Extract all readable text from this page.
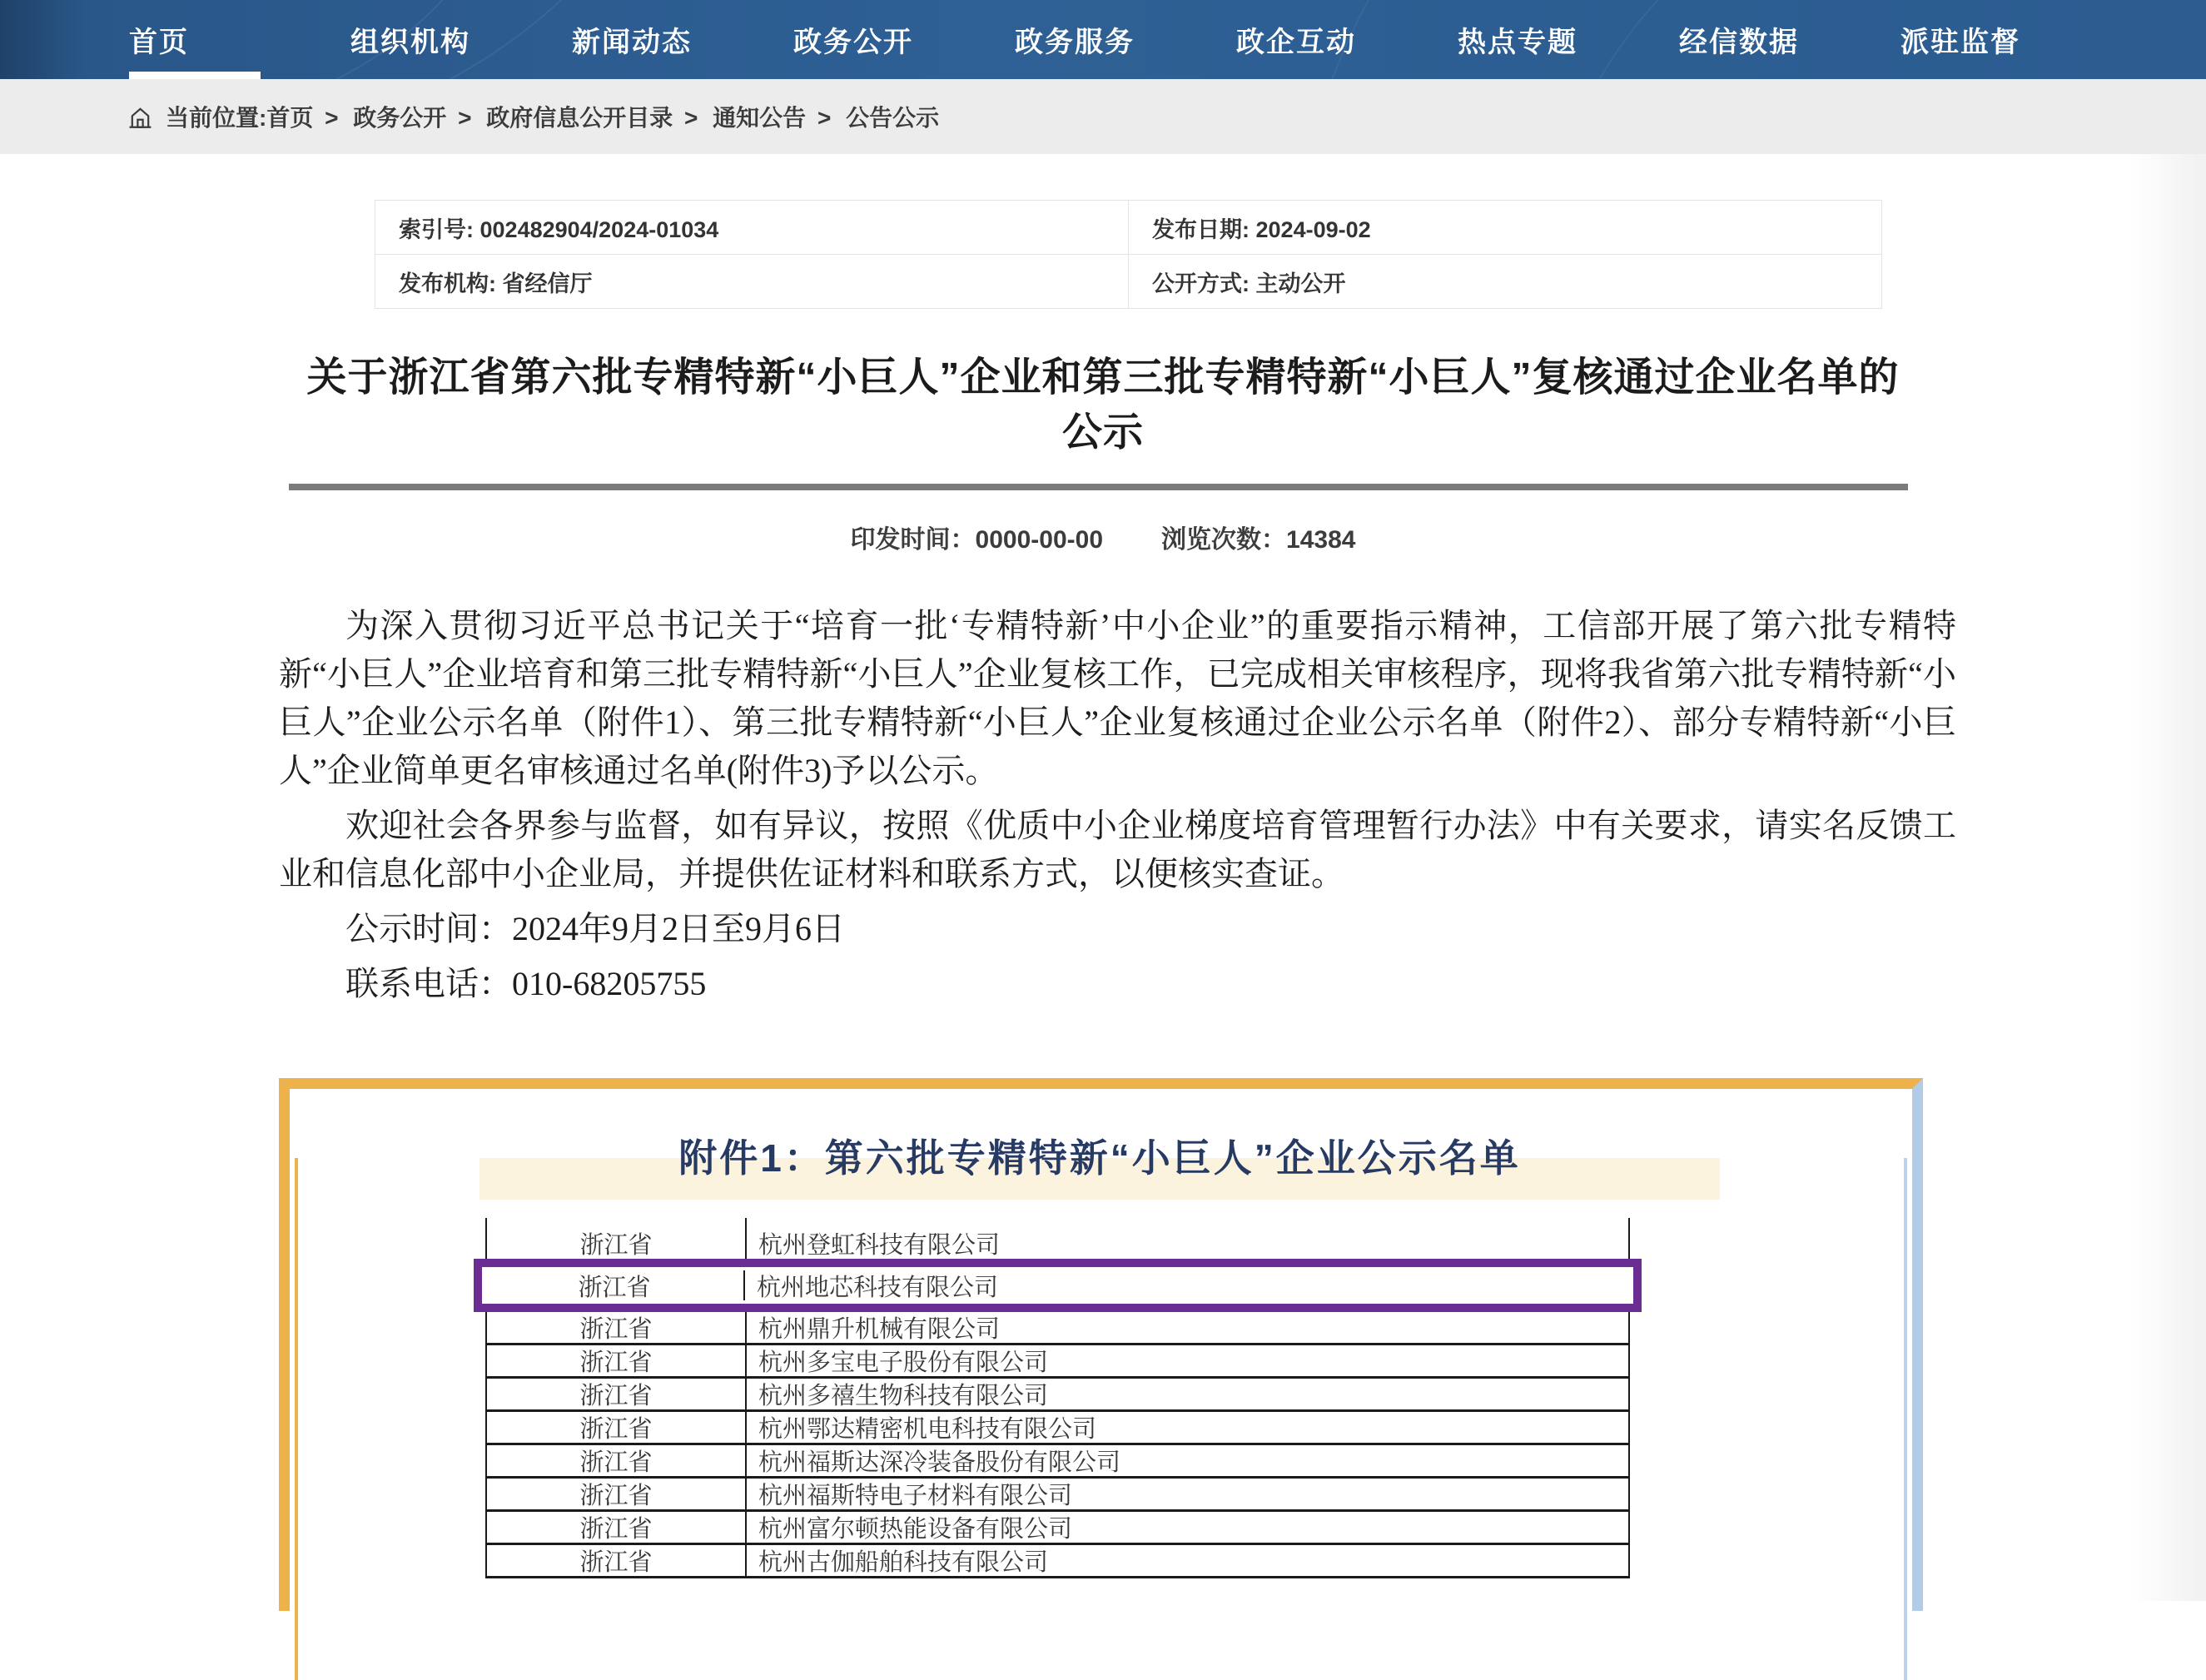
首页	组织机构	新闻动态	政务公开	政务服务	政企互动	热点专题	经信数据	派驻监督
当前位置: 首页 > 政务公开 > 政府信息公开目录 > 通知公告 > 公告公示
索引号: 002482904/2024-01034	发布日期: 2024-09-02
发布机构: 省经信厅	公开方式: 主动公开
关于浙江省第六批专精特新“小巨人”企业和第三批专精特新“小巨人”复核通过企业名单的公示
印发时间：0000-00-00 浏览次数：14384

为深入贯彻习近平总书记关于“培育一批‘专精特新’中小企业”的重要指示精神，工信部开展了第六批专精特新“小巨人”企业培育和第三批专精特新“小巨人”企业复核工作，已完成相关审核程序，现将我省第六批专精特新“小巨人”企业公示名单（附件1）、第三批专精特新“小巨人”企业复核通过企业公示名单（附件2）、部分专精特新“小巨人”企业简单更名审核通过名单(附件3)予以公示。

欢迎社会各界参与监督，如有异议，按照《优质中小企业梯度培育管理暂行办法》中有关要求，请实名反馈工业和信息化部中小企业局，并提供佐证材料和联系方式，以便核实查证。

公示时间：2024年9月2日至9月6日
联系电话：010-68205755
附件1：第六批专精特新“小巨人”企业公示名单
浙江省	杭州登虹科技有限公司
浙江省	杭州地芯科技有限公司
浙江省	杭州鼎升机械有限公司
浙江省	杭州多宝电子股份有限公司
浙江省	杭州多禧生物科技有限公司
浙江省	杭州鄂达精密机电科技有限公司
浙江省	杭州福斯达深冷装备股份有限公司
浙江省	杭州福斯特电子材料有限公司
浙江省	杭州富尔顿热能设备有限公司
浙江省	杭州古伽船舶科技有限公司
